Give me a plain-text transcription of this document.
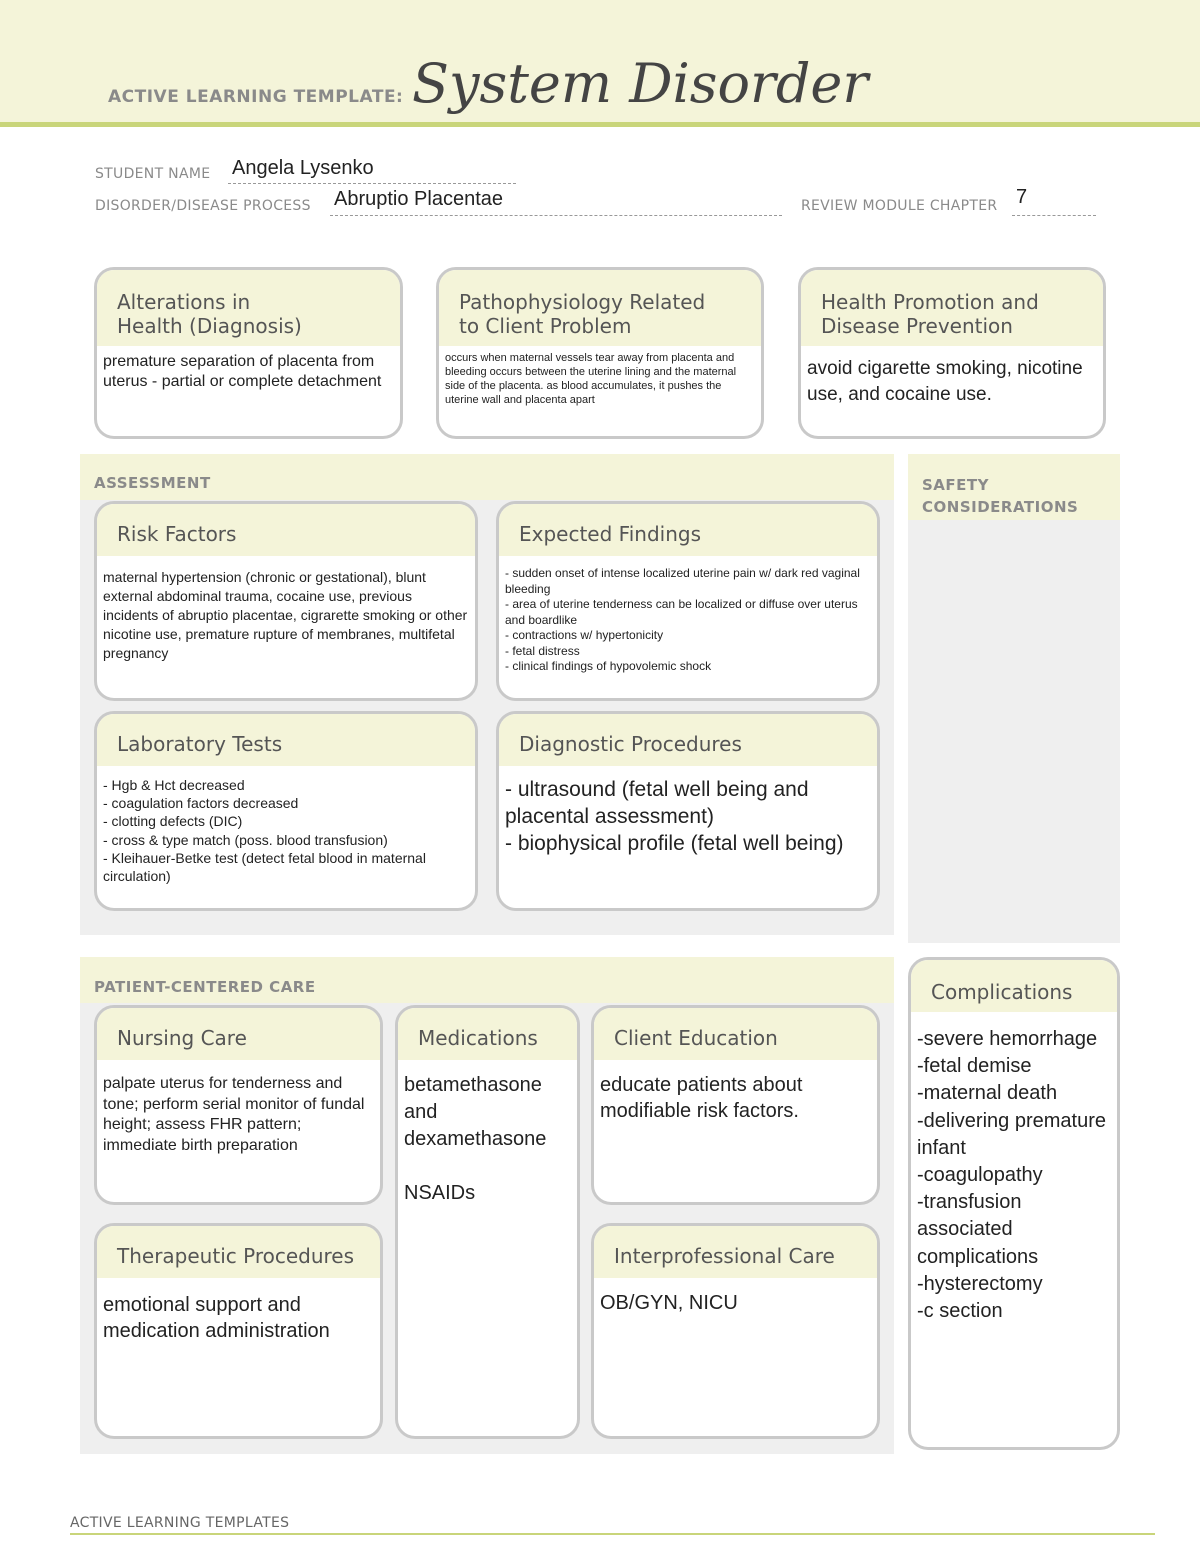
ACTIVE LEARNING TEMPLATE: System Disorder
STUDENT NAME Angela Lysenko
DISORDER/DISEASE PROCESS Abruptio Placentae	REVIEW MODULE CHAPTER 7
Alterations in
Health (Diagnosis)
premature separation of placenta from uterus - partial or complete detachment
Pathophysiology Related
to Client Problem
occurs when maternal vessels tear away from placenta and bleeding occurs between the uterine lining and the maternal side of the placenta. as blood accumulates, it pushes the uterine wall and placenta apart
Health Promotion and
Disease Prevention
avoid cigarette smoking, nicotine use, and cocaine use.
ASSESSMENT
Risk Factors
maternal hypertension (chronic or gestational), blunt external abdominal trauma, cocaine use, previous incidents of abruptio placentae, cigrarette smoking or other nicotine use, premature rupture of membranes, multifetal pregnancy
Expected Findings
- sudden onset of intense localized uterine pain w/ dark red vaginal bleeding
- area of uterine tenderness can be localized or diffuse over uterus and boardlike
- contractions w/ hypertonicity
- fetal distress
- clinical findings of hypovolemic shock
Laboratory Tests
- Hgb & Hct decreased
- coagulation factors decreased
- clotting defects (DIC)
- cross & type match (poss. blood transfusion)
- Kleihauer-Betke test (detect fetal blood in maternal circulation)
Diagnostic Procedures
- ultrasound (fetal well being and placental assessment)
- biophysical profile (fetal well being)
SAFETY
CONSIDERATIONS
PATIENT-CENTERED CARE
Nursing Care
palpate uterus for tenderness and tone; perform serial monitor of fundal height; assess FHR pattern; immediate birth preparation
Medications
betamethasone and dexamethasone

NSAIDs
Client Education
educate patients about modifiable risk factors.
Therapeutic Procedures
emotional support and medication administration
Interprofessional Care
OB/GYN, NICU
Complications
-severe hemorrhage
-fetal demise
-maternal death
-delivering premature infant
-coagulopathy
-transfusion associated complications
-hysterectomy
-c section
ACTIVE LEARNING TEMPLATES
